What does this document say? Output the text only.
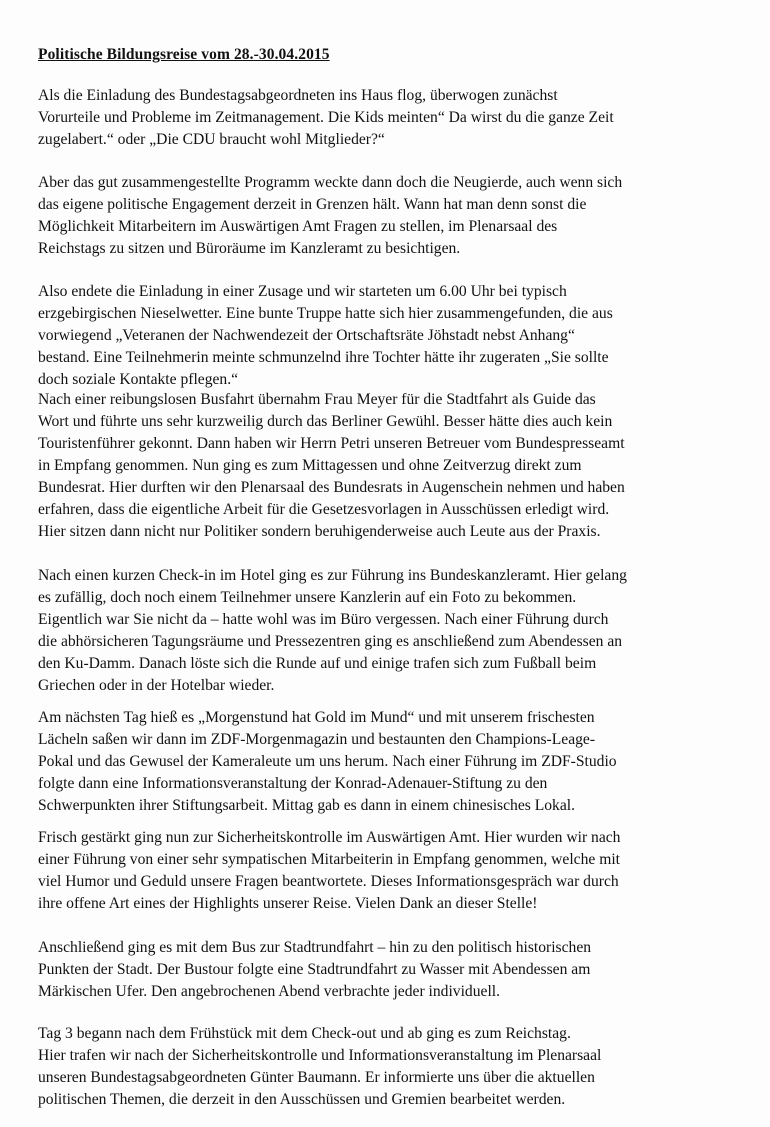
Politische Bildungsreise vom 28.-30.04.2015
Als die Einladung des Bundestagsabgeordneten ins Haus flog, überwogen zunächst
Vorurteile und Probleme im Zeitmanagement. Die Kids meinten“ Da wirst du die ganze Zeit
zugelabert.“ oder „Die CDU braucht wohl Mitglieder?“
Aber das gut zusammengestellte Programm weckte dann doch die Neugierde, auch wenn sich
das eigene politische Engagement derzeit in Grenzen hält. Wann hat man denn sonst die
Möglichkeit Mitarbeitern im Auswärtigen Amt Fragen zu stellen, im Plenarsaal des
Reichstags zu sitzen und Büroräume im Kanzleramt zu besichtigen.
Also endete die Einladung in einer Zusage und wir starteten um 6.00 Uhr bei typisch
erzgebirgischen Nieselwetter. Eine bunte Truppe hatte sich hier zusammengefunden, die aus
vorwiegend „Veteranen der Nachwendezeit der Ortschaftsräte Jöhstadt nebst Anhang“
bestand. Eine Teilnehmerin meinte schmunzelnd ihre Tochter hätte ihr zugeraten „Sie sollte
doch soziale Kontakte pflegen.“
Nach einer reibungslosen Busfahrt übernahm Frau Meyer für die Stadtfahrt als Guide das
Wort und führte uns sehr kurzweilig durch das Berliner Gewühl. Besser hätte dies auch kein
Touristenführer gekonnt. Dann haben wir Herrn Petri unseren Betreuer vom Bundespresseamt
in Empfang genommen. Nun ging es zum Mittagessen und ohne Zeitverzug direkt zum
Bundesrat. Hier durften wir den Plenarsaal des Bundesrats in Augenschein nehmen und haben
erfahren, dass die eigentliche Arbeit für die Gesetzesvorlagen in Ausschüssen erledigt wird.
Hier sitzen dann nicht nur Politiker sondern beruhigenderweise auch Leute aus der Praxis.
Nach einen kurzen Check-in im Hotel ging es zur Führung ins Bundeskanzleramt. Hier gelang
es zufällig, doch noch einem Teilnehmer unsere Kanzlerin auf ein Foto zu bekommen.
Eigentlich war Sie nicht da – hatte wohl was im Büro vergessen. Nach einer Führung durch
die abhörsicheren Tagungsräume und Pressezentren ging es anschließend zum Abendessen an
den Ku-Damm. Danach löste sich die Runde auf und einige trafen sich zum Fußball beim
Griechen oder in der Hotelbar wieder.
Am nächsten Tag hieß es „Morgenstund hat Gold im Mund“ und mit unserem frischesten
Lächeln saßen wir dann im ZDF-Morgenmagazin und bestaunten den Champions-Leage-
Pokal und das Gewusel der Kameraleute um uns herum. Nach einer Führung im ZDF-Studio
folgte dann eine Informationsveranstaltung der Konrad-Adenauer-Stiftung zu den
Schwerpunkten ihrer Stiftungsarbeit. Mittag gab es dann in einem chinesisches Lokal.
Frisch gestärkt ging nun zur Sicherheitskontrolle im Auswärtigen Amt. Hier wurden wir nach
einer Führung von einer sehr sympatischen Mitarbeiterin in Empfang genommen, welche mit
viel Humor und Geduld unsere Fragen beantwortete. Dieses Informationsgespräch war durch
ihre offene Art eines der Highlights unserer Reise. Vielen Dank an dieser Stelle!
Anschließend ging es mit dem Bus zur Stadtrundfahrt – hin zu den politisch historischen
Punkten der Stadt. Der Bustour folgte eine Stadtrundfahrt zu Wasser mit Abendessen am
Märkischen Ufer. Den angebrochenen Abend verbrachte jeder individuell.
Tag 3 begann nach dem Frühstück mit dem Check-out und ab ging es zum Reichstag.
Hier trafen wir nach der Sicherheitskontrolle und Informationsveranstaltung im Plenarsaal
unseren Bundestagsabgeordneten Günter Baumann. Er informierte uns über die aktuellen
politischen Themen, die derzeit in den Ausschüssen und Gremien bearbeitet werden.
